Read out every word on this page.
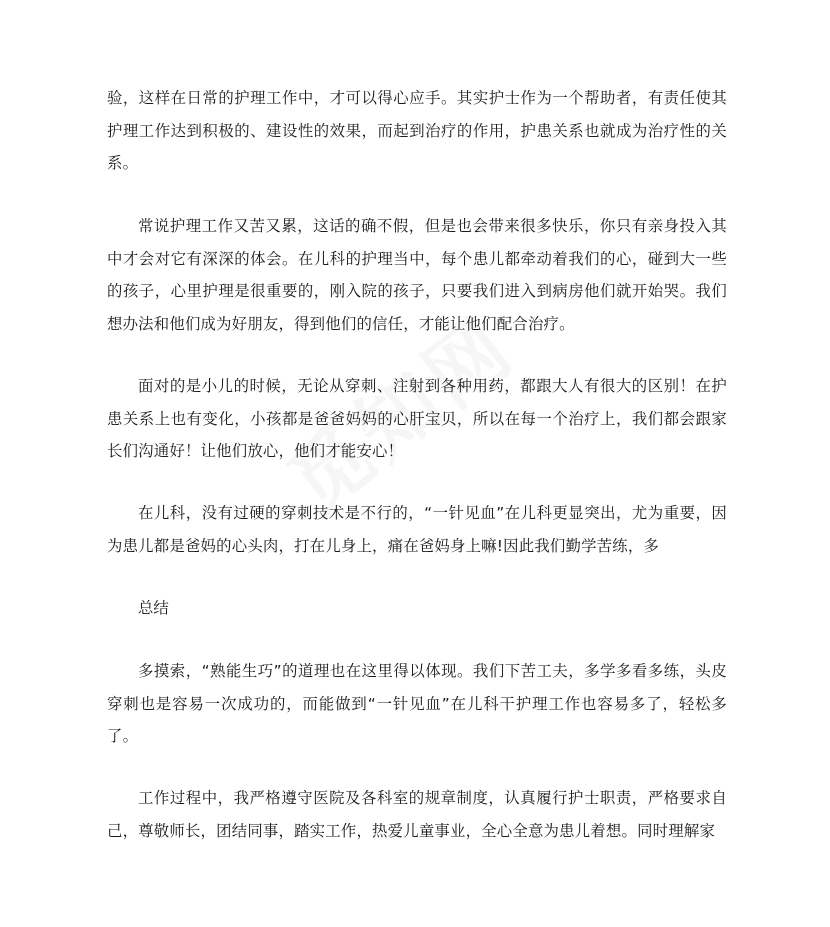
验，这样在日常的护理工作中，才可以得心应手。其实护士作为一个帮助者，有责任使其护理工作达到积极的、建设性的效果，而起到治疗的作用，护患关系也就成为治疗性的关系。

常说护理工作又苦又累，这话的确不假，但是也会带来很多快乐，你只有亲身投入其中才会对它有深深的体会。在儿科的护理当中，每个患儿都牵动着我们的心，碰到大一些的孩子，心里护理是很重要的，刚入院的孩子，只要我们进入到病房他们就开始哭。我们想办法和他们成为好朋友，得到他们的信任，才能让他们配合治疗。

面对的是小儿的时候，无论从穿刺、注射到各种用药，都跟大人有很大的区别！在护患关系上也有变化，小孩都是爸爸妈妈的心肝宝贝，所以在每一个治疗上，我们都会跟家长们沟通好！让他们放心，他们才能安心！

在儿科，没有过硬的穿刺技术是不行的，“一针见血”在儿科更显突出，尤为重要，因为患儿都是爸妈的心头肉，打在儿身上，痛在爸妈身上嘛!因此我们勤学苦练，多

总结

多摸索，“熟能生巧”的道理也在这里得以体现。我们下苦工夫，多学多看多练，头皮穿刺也是容易一次成功的，而能做到“一针见血”在儿科干护理工作也容易多了，轻松多了。

工作过程中，我严格遵守医院及各科室的规章制度，认真履行护士职责，严格要求自己，尊敬师长，团结同事，踏实工作，热爱儿童事业，全心全意为患儿着想。同时理解家
